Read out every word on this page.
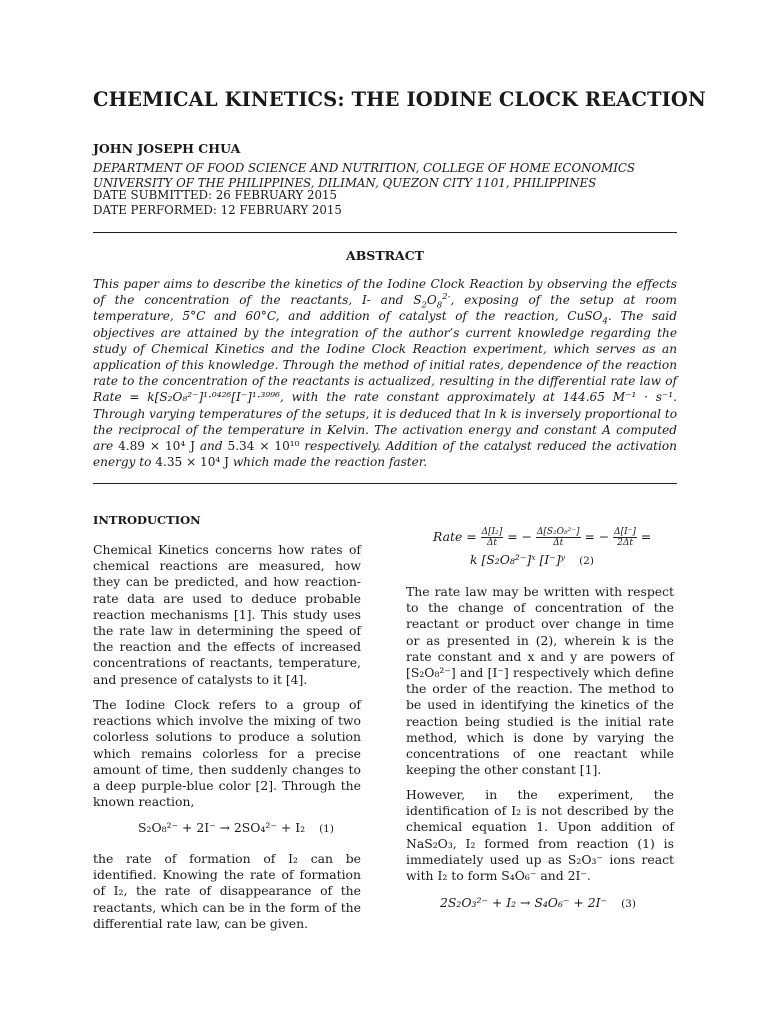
CHEMICAL KINETICS: THE IODINE CLOCK REACTION
JOHN JOSEPH CHUA
DEPARTMENT OF FOOD SCIENCE AND NUTRITION, COLLEGE OF HOME ECONOMICS
UNIVERSITY OF THE PHILIPPINES, DILIMAN, QUEZON CITY 1101, PHILIPPINES
DATE SUBMITTED: 26 FEBRUARY 2015
DATE PERFORMED: 12 FEBRUARY 2015
ABSTRACT

This paper aims to describe the kinetics of the Iodine Clock Reaction by observing the effects of the concentration of the reactants, I- and $S_2O_8^{2-}$, exposing of the setup at room temperature, 5°C and 60°C, and addition of catalyst of the reaction, CuSO$_4$. The said objectives are attained by the integration of the author’s current knowledge regarding the study of Chemical Kinetics and the Iodine Clock Reaction experiment, which serves as an application of this knowledge. Through the method of initial rates, dependence of the reaction rate to the concentration of the reactants is actualized, resulting in the differential rate law of Rate = k[S₂O₈²⁻]¹·⁰⁴²⁶[I⁻]¹·³⁹⁹⁶, with the rate constant approximately at 144.65 M⁻¹ · s⁻¹. Through varying temperatures of the setups, it is deduced that ln k is inversely proportional to the reciprocal of the temperature in Kelvin. The activation energy and constant A computed are 4.89 × 10⁴ J and 5.34 × 10¹⁰ respectively. Addition of the catalyst reduced the activation energy to 4.35 × 10⁴ J which made the reaction faster.

INTRODUCTION

Chemical Kinetics concerns how rates of chemical reactions are measured, how they can be predicted, and how reaction-rate data are used to deduce probable reaction mechanisms [1]. This study uses the rate law in determining the speed of the reaction and the effects of increased concentrations of reactants, temperature, and presence of catalysts to it [4].

The Iodine Clock refers to a group of reactions which involve the mixing of two colorless solutions to produce a solution which remains colorless for a precise amount of time, then suddenly changes to a deep purple-blue color [2]. Through the known reaction,

S₂O₈²⁻ + 2I⁻ → 2SO₄²⁻ + I₂ (1)

the rate of formation of I₂ can be identified. Knowing the rate of formation of I₂, the rate of disappearance of the reactants, which can be in the form of the differential rate law, can be given.

Rate = $\frac{\text{Δ[I₂]}}{\Delta t}$ = − $\frac{\text{Δ[S₂O₈²⁻]}}{\Delta t}$ = − $\frac{\Delta[I^-]}{2\Delta t}$ =
k [S₂O₈²⁻]ˣ [I⁻]ʸ (2)

The rate law may be written with respect to the change of concentration of the reactant or product over change in time or as presented in (2), wherein k is the rate constant and x and y are powers of [S₂O₈²⁻] and [I⁻] respectively which define the order of the reaction. The method to be used in identifying the kinetics of the reaction being studied is the initial rate method, which is done by varying the concentrations of one reactant while keeping the other constant [1].

However, in the experiment, the identification of I₂ is not described by the chemical equation 1. Upon addition of NaS₂O₃, I₂ formed from reaction (1) is immediately used up as S₂O₃⁻ ions react with I₂ to form S₄O₆⁻ and 2I⁻.

2S₂O₃²⁻ + I₂ → S₄O₆⁻ + 2I⁻ (3)
